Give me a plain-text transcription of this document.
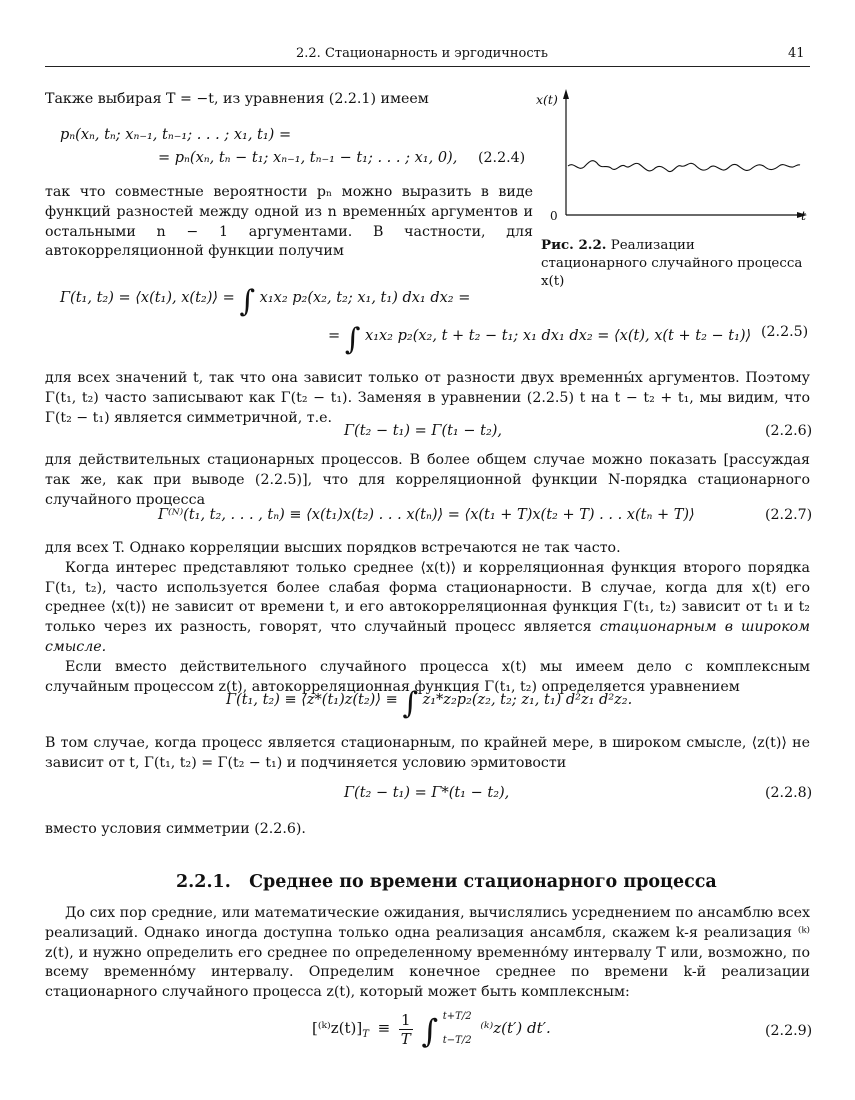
2.2. Стационарность и эргодичность	41
Также выбирая T = −t, из уравнения (2.2.1) имеем
pₙ(xₙ, tₙ; xₙ₋₁, tₙ₋₁; . . . ; x₁, t₁) =
= pₙ(xₙ, tₙ − t₁; xₙ₋₁, tₙ₋₁ − t₁; . . . ; x₁, 0), (2.2.4)
так что совместные вероятности pₙ можно выразить в виде функций разностей между одной из n временны́х аргументов и остальными n − 1 аргументами. В частности, для автокорреляционной функции получим
x(t)
t
0
Рис. 2.2. Реализации стационарного случайного процесса x(t)
Γ(t₁, t₂) = ⟨x(t₁), x(t₂)⟩ = ∫ x₁x₂ p₂(x₂, t₂; x₁, t₁) dx₁ dx₂ =
= ∫ x₁x₂ p₂(x₂, t + t₂ − t₁; x₁ dx₁ dx₂ = ⟨x(t), x(t + t₂ − t₁)⟩ (2.2.5)
для всех значений t, так что она зависит только от разности двух временны́х аргументов. Поэтому Γ(t₁, t₂) часто записывают как Γ(t₂ − t₁). Заменяя в уравнении (2.2.5) t на t − t₂ + t₁, мы видим, что Γ(t₂ − t₁) является симметричной, т.е.
Γ(t₂ − t₁) = Γ(t₁ − t₂),	(2.2.6)
для действительных стационарных процессов. В более общем случае можно показать [рассуждая так же, как при выводе (2.2.5)], что для корреляционной функции N-порядка стационарного случайного процесса
Γ⁽ᴺ⁾(t₁, t₂, . . . , tₙ) ≡ ⟨x(t₁)x(t₂) . . . x(tₙ)⟩ = ⟨x(t₁ + T)x(t₂ + T) . . . x(tₙ + T)⟩	(2.2.7)

для всех T. Однако корреляции высших порядков встречаются не так часто.

Когда интерес представляют только среднее ⟨x(t)⟩ и корреляционная функция второго порядка Γ(t₁, t₂), часто используется более слабая форма стационарности. В случае, когда для x(t) его среднее ⟨x(t)⟩ не зависит от времени t, и его автокорреляционная функция Γ(t₁, t₂) зависит от t₁ и t₂ только через их разность, говорят, что случайный процесс является стационарным в широком смысле.

Если вместо действительного случайного процесса x(t) мы имеем дело с комплексным случайным процессом z(t), автокорреляционная функция Γ(t₁, t₂) определяется уравнением

Γ(t₁, t₂) ≡ ⟨z*(t₁)z(t₂)⟩ ≡ ∫ z₁*z₂p₂(z₂, t₂; z₁, t₁) d²z₁ d²z₂.
В том случае, когда процесс является стационарным, по крайней мере, в широком смысле, ⟨z(t)⟩ не зависит от t, Γ(t₁, t₂) = Γ(t₂ − t₁) и подчиняется условию эрмитовости
Γ(t₂ − t₁) = Γ*(t₁ − t₂),	(2.2.8)
вместо условия симметрии (2.2.6).
2.2.1. Среднее по времени стационарного процесса
До сих пор средние, или математические ожидания, вычислялись усреднением по ансамблю всех реализаций. Однако иногда доступна только одна реализация ансамбля, скажем k-я реализация ⁽ᵏ⁾z(t), и нужно определить его среднее по определенному временно́му интервалу T или, возможно, по всему временно́му интервалу. Определим конечное среднее по времени k-й реализации стационарного случайного процесса z(t), который может быть комплексным:
$[^(ᵏ^)z(t)]_T \equiv \frac{1}{T}$ ∫ t+T/2
t−T/2
⁽ᵏ⁾z(t′) dt′.	(2.2.9)
